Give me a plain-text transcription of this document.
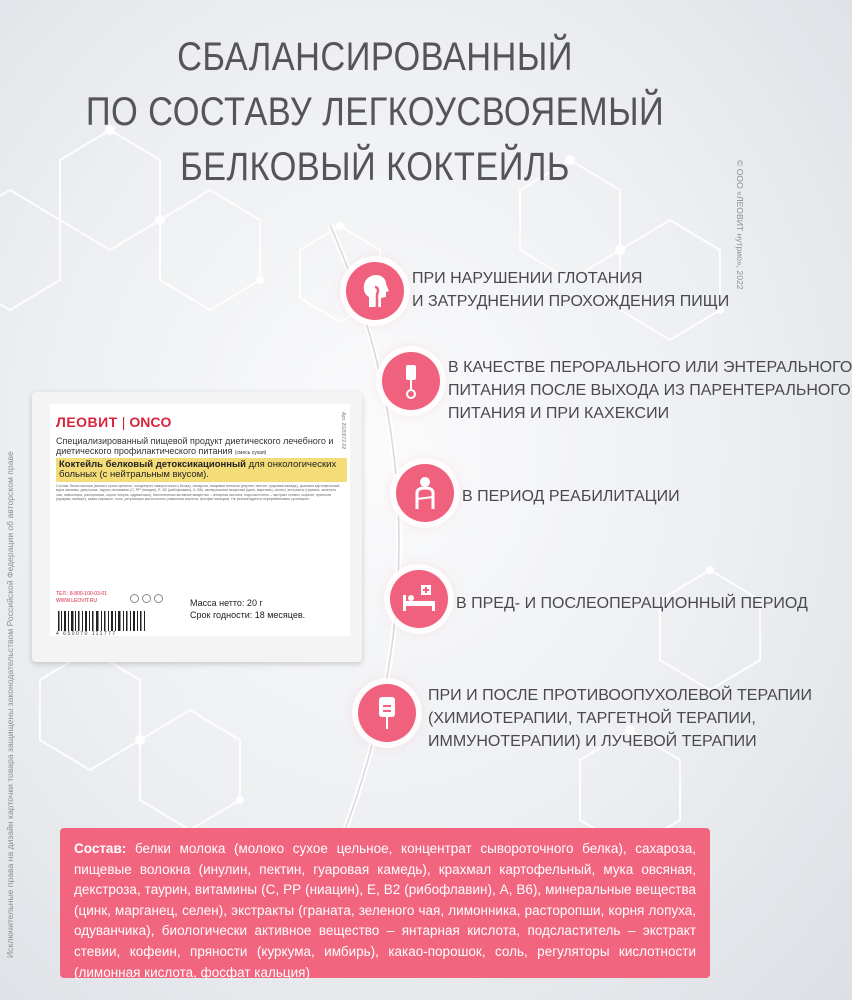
СБАЛАНСИРОВАННЫЙ
ПО СОСТАВУ ЛЕГКОУСВОЯЕМЫЙ
БЕЛКОВЫЙ КОКТЕЙЛЬ
ПРИ НАРУШЕНИИ ГЛОТАНИЯ
И ЗАТРУДНЕНИИ ПРОХОЖДЕНИЯ ПИЩИ
В КАЧЕСТВЕ ПЕРОРАЛЬНОГО ИЛИ ЭНТЕРАЛЬНОГО
ПИТАНИЯ ПОСЛЕ ВЫХОДА ИЗ ПАРЕНТЕРАЛЬНОГО
ПИТАНИЯ И ПРИ КАХЕКСИИ
В ПЕРИОД РЕАБИЛИТАЦИИ
В ПРЕД- И ПОСЛЕОПЕРАЦИОННЫЙ ПЕРИОД
ПРИ И ПОСЛЕ ПРОТИВООПУХОЛЕВОЙ ТЕРАПИИ
(ХИМИОТЕРАПИИ, ТАРГЕТНОЙ ТЕРАПИИ,
ИММУНОТЕРАПИИ) И ЛУЧЕВОЙ ТЕРАПИИ
ЛЕОВИТ | ONCO	Арт. 2020072-02
Специализированный пищевой продукт диетического лечебного и диетического профилактического питания (смесь сухая)
Коктейль белковый детоксикационный для онкологических больных (с нейтральным вкусом).
Состав: белки молока (молоко сухое цельное, концентрат сывороточного белка), сахароза, пищевые волокна (инулин, пектин, гуаровая камедь), крахмал картофельный, мука овсяная, декстроза, таурин, витамины (C, PP (ниацин), E, B2 (рибофлавин), A, B6), минеральные вещества (цинк, марганец, селен), экстракты (граната, зеленого чая, лимонника, расторопши, корня лопуха, одуванчика), биологически активное вещество – янтарная кислота, подсластитель – экстракт стевии, кофеин, пряности (куркума, имбирь), какао-порошок, соль, регуляторы кислотности (лимонная кислота, фосфат кальция). Не рекомендуется перерабатывать кулинарно.
ТЕЛ.: 8-800-100-03-01
WWW.LEOVIT.RU	Масса нетто: 20 г
Срок годности: 18 месяцев.
4 650070 111777
Состав: белки молока (молоко сухое цельное, концентрат сывороточного белка), сахароза, пищевые волокна (инулин, пектин, гуаровая камедь), крахмал картофельный, мука овсяная, декстроза, таурин, витамины (С, РР (ниацин), Е, В2 (рибофлавин), А, В6), минеральные вещества (цинк, марганец, селен), экстракты (граната, зеленого чая, лимонника, расторопши, корня лопуха, одуванчика), биологически активное вещество – янтарная кислота, подсластитель – экстракт стевии, кофеин, пряности (куркума, имбирь), какао-порошок, соль, регуляторы кислотности (лимонная кислота, фосфат кальция)
Исключительные права на дизайн карточки товара защищены законодательством Российской Федерации об авторском праве
© ООО «ЛЕОВИТ нутрио», 2022
